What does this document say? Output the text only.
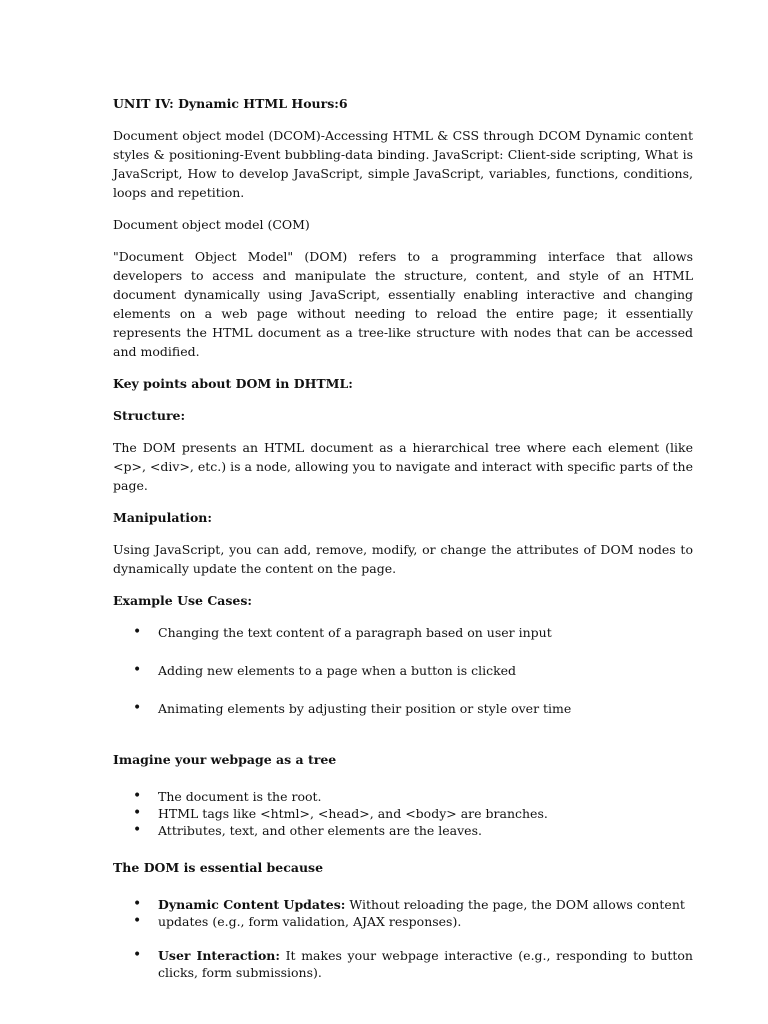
UNIT IV: Dynamic HTML Hours:6

Document object model (DCOM)-Accessing HTML & CSS through DCOM Dynamic content styles & positioning-Event bubbling-data binding. JavaScript: Client-side scripting, What is JavaScript, How to develop JavaScript, simple JavaScript, variables, functions, conditions, loops and repetition.

Document object model (COM)

"Document Object Model" (DOM) refers to a programming interface that allows developers to access and manipulate the structure, content, and style of an HTML document dynamically using JavaScript, essentially enabling interactive and changing elements on a web page without needing to reload the entire page; it essentially represents the HTML document as a tree-like structure with nodes that can be accessed and modified.

Key points about DOM in DHTML:

Structure:

The DOM presents an HTML document as a hierarchical tree where each element (like <p>, <div>, etc.) is a node, allowing you to navigate and interact with specific parts of the page.

Manipulation:

Using JavaScript, you can add, remove, modify, or change the attributes of DOM nodes to dynamically update the content on the page.

Example Use Cases:

• Changing the text content of a paragraph based on user input
• Adding new elements to a page when a button is clicked
• Animating elements by adjusting their position or style over time

Imagine your webpage as a tree

• The document is the root.
• HTML tags like <html>, <head>, and <body> are branches.
• Attributes, text, and other elements are the leaves.

The DOM is essential because

• Dynamic Content Updates: Without reloading the page, the DOM allows content
• updates (e.g., form validation, AJAX responses).
• User Interaction: It makes your webpage interactive (e.g., responding to button clicks, form submissions).
